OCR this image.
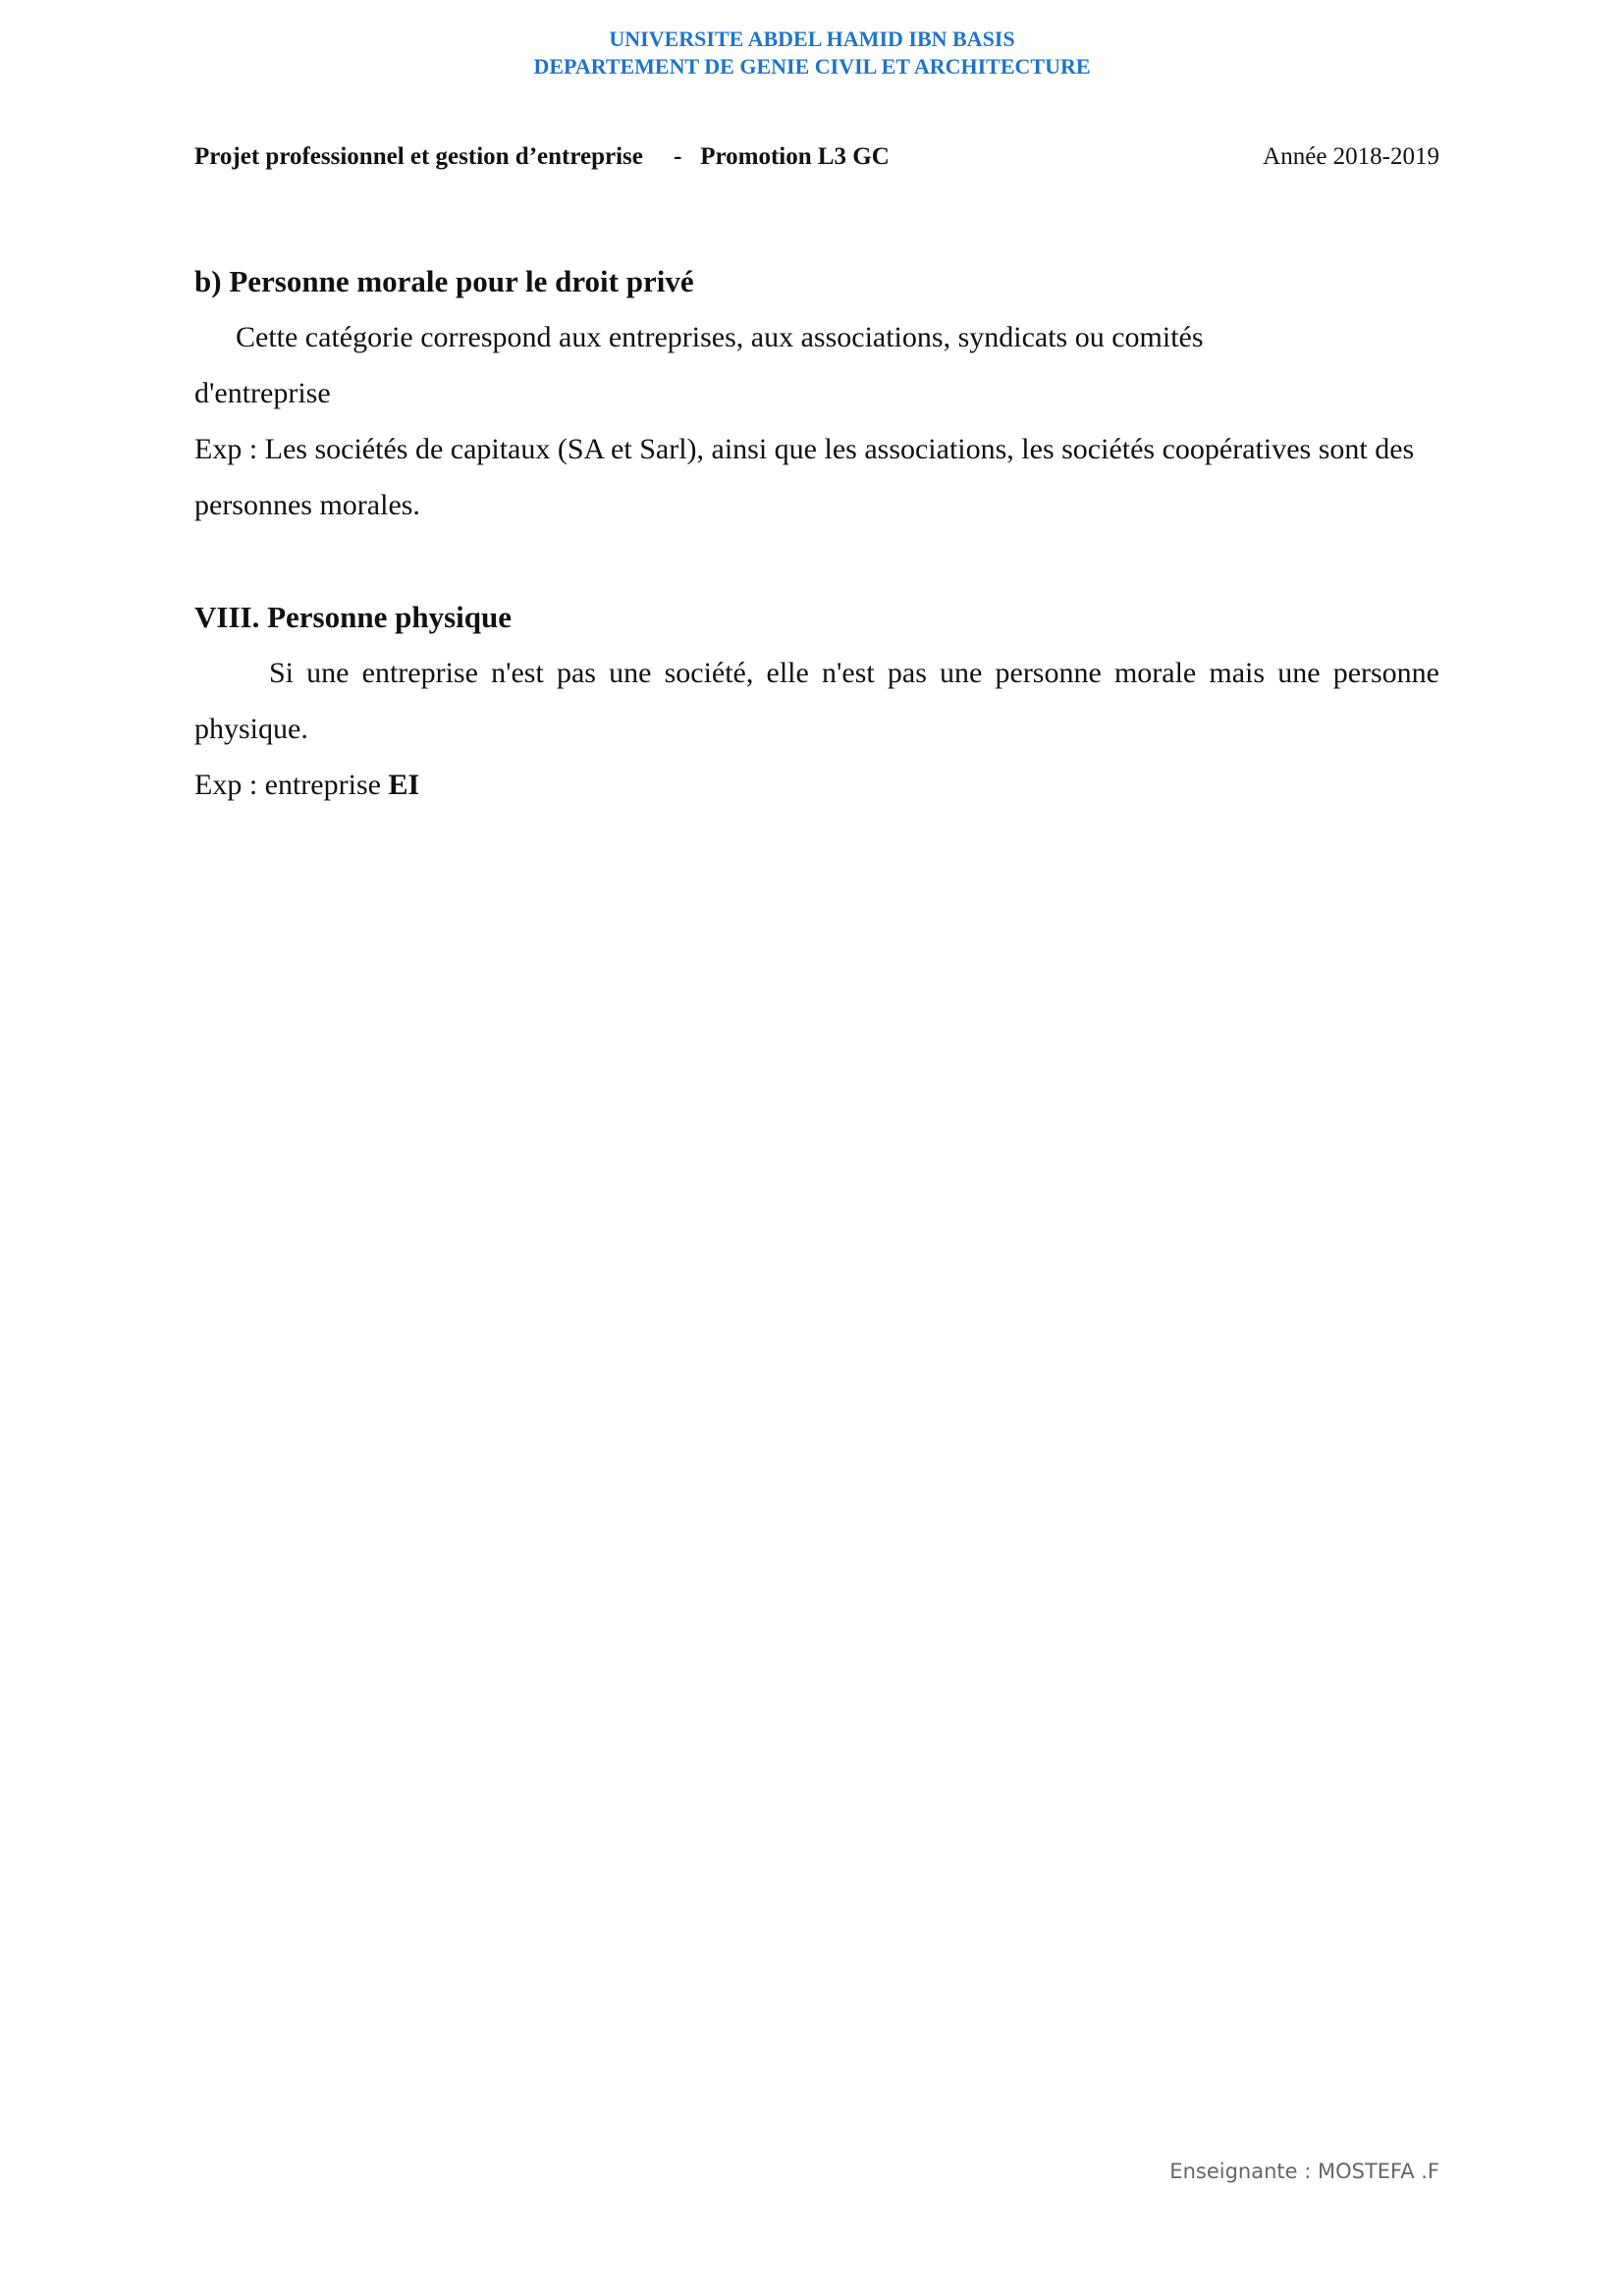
UNIVERSITE ABDEL HAMID IBN BASIS
DEPARTEMENT DE GENIE CIVIL ET ARCHITECTURE
Projet professionnel et gestion d’entreprise     -   Promotion L3 GC	Année 2018-2019
b) Personne morale pour le droit privé

Cette catégorie correspond aux entreprises, aux associations, syndicats ou comités

d'entreprise

Exp : Les sociétés de capitaux (SA et Sarl), ainsi que les associations, les sociétés coopératives sont des personnes morales.

VIII. Personne physique

Si une entreprise n'est pas une société, elle n'est pas une personne morale mais une personne physique.

Exp : entreprise EI

Enseignante : MOSTEFA .F
